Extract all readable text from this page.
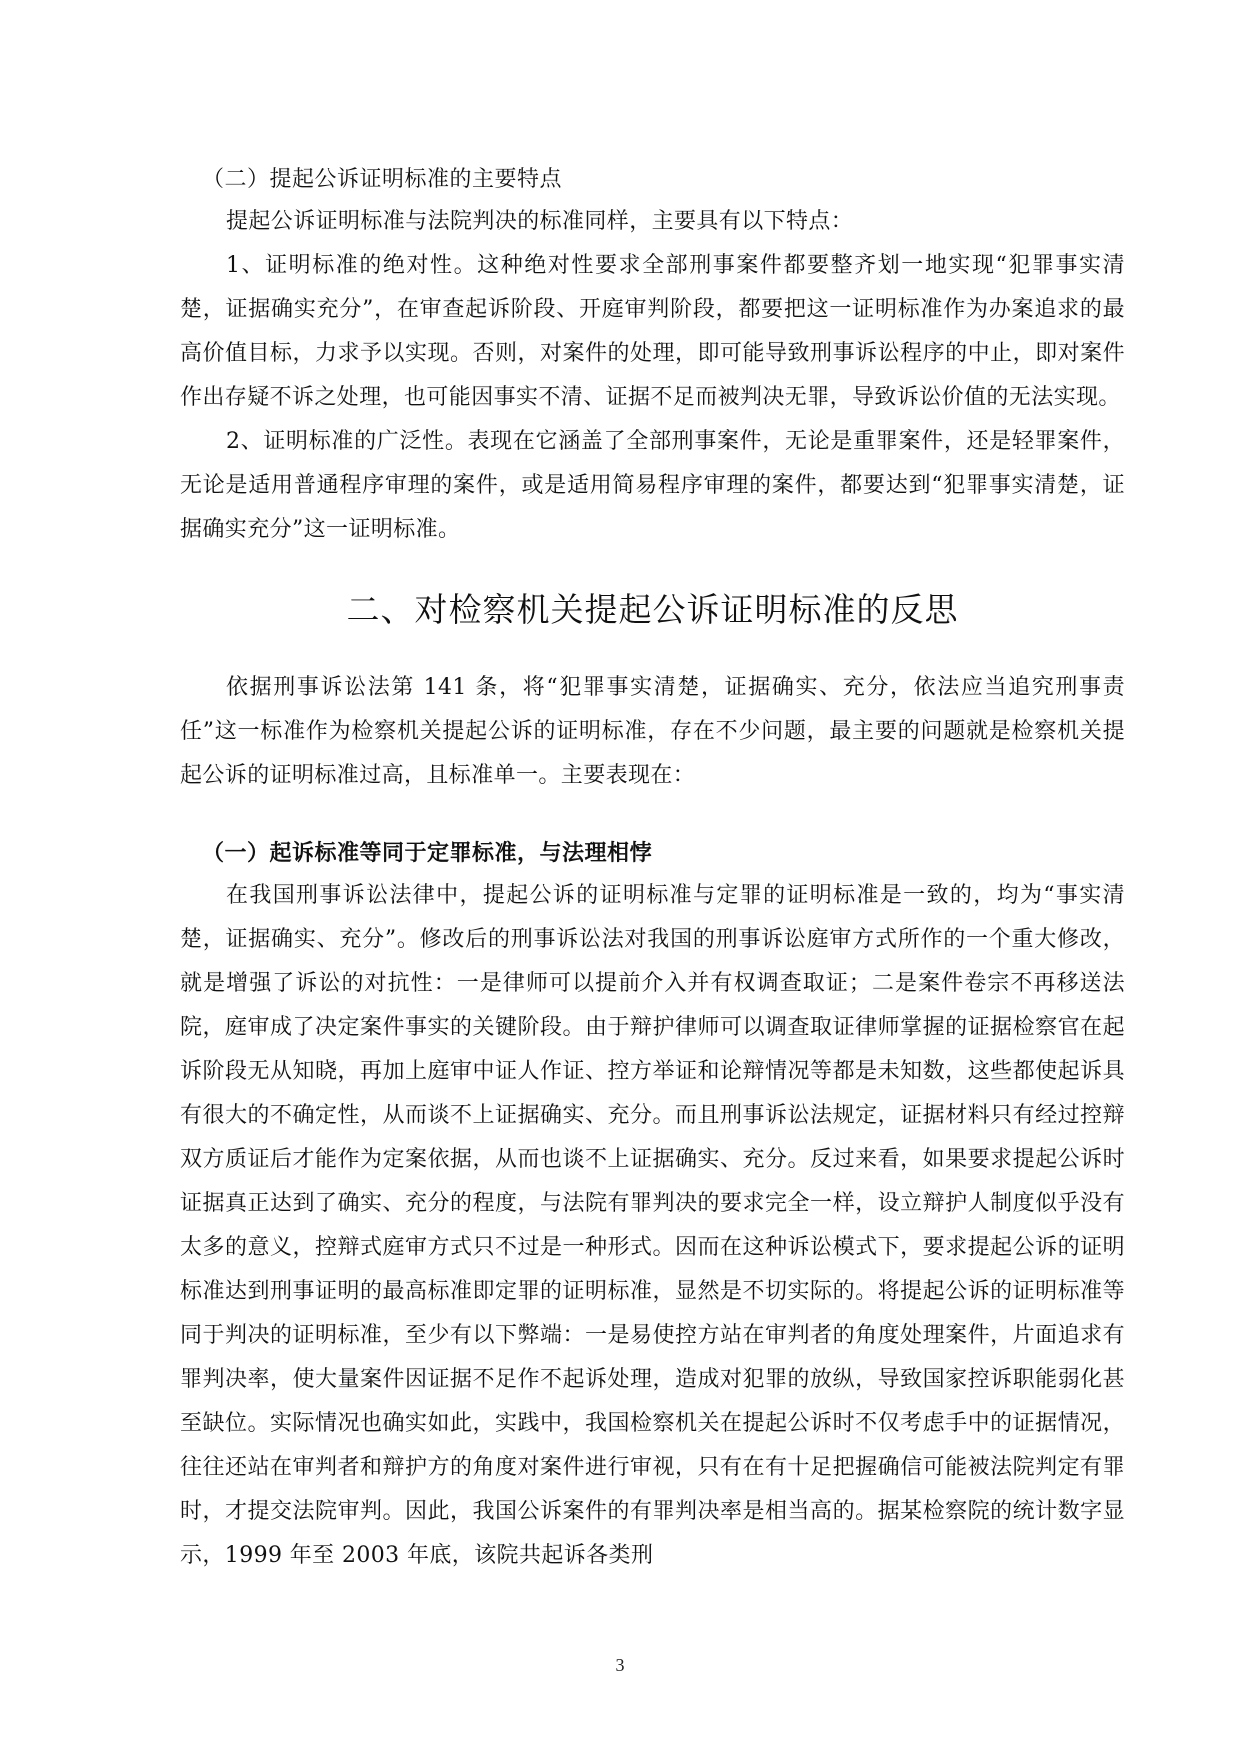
（二）提起公诉证明标准的主要特点

提起公诉证明标准与法院判决的标准同样，主要具有以下特点：

1、证明标准的绝对性。这种绝对性要求全部刑事案件都要整齐划一地实现“犯罪事实清楚，证据确实充分”，在审查起诉阶段、开庭审判阶段，都要把这一证明标准作为办案追求的最高价值目标，力求予以实现。否则，对案件的处理，即可能导致刑事诉讼程序的中止，即对案件作出存疑不诉之处理，也可能因事实不清、证据不足而被判决无罪，导致诉讼价值的无法实现。

2、证明标准的广泛性。表现在它涵盖了全部刑事案件，无论是重罪案件，还是轻罪案件，无论是适用普通程序审理的案件，或是适用简易程序审理的案件，都要达到“犯罪事实清楚，证据确实充分”这一证明标准。

二、对检察机关提起公诉证明标准的反思

依据刑事诉讼法第 141 条，将“犯罪事实清楚，证据确实、充分，依法应当追究刑事责任”这一标准作为检察机关提起公诉的证明标准，存在不少问题，最主要的问题就是检察机关提起公诉的证明标准过高，且标准单一。主要表现在：

（一）起诉标准等同于定罪标准，与法理相悖

在我国刑事诉讼法律中，提起公诉的证明标准与定罪的证明标准是一致的，均为“事实清楚，证据确实、充分”。修改后的刑事诉讼法对我国的刑事诉讼庭审方式所作的一个重大修改，就是增强了诉讼的对抗性：一是律师可以提前介入并有权调查取证；二是案件卷宗不再移送法院，庭审成了决定案件事实的关键阶段。由于辩护律师可以调查取证律师掌握的证据检察官在起诉阶段无从知晓，再加上庭审中证人作证、控方举证和论辩情况等都是未知数，这些都使起诉具有很大的不确定性，从而谈不上证据确实、充分。而且刑事诉讼法规定，证据材料只有经过控辩双方质证后才能作为定案依据，从而也谈不上证据确实、充分。反过来看，如果要求提起公诉时证据真正达到了确实、充分的程度，与法院有罪判决的要求完全一样，设立辩护人制度似乎没有太多的意义，控辩式庭审方式只不过是一种形式。因而在这种诉讼模式下，要求提起公诉的证明标准达到刑事证明的最高标准即定罪的证明标准，显然是不切实际的。将提起公诉的证明标准等同于判决的证明标准，至少有以下弊端：一是易使控方站在审判者的角度处理案件，片面追求有罪判决率，使大量案件因证据不足作不起诉处理，造成对犯罪的放纵，导致国家控诉职能弱化甚至缺位。实际情况也确实如此，实践中，我国检察机关在提起公诉时不仅考虑手中的证据情况，往往还站在审判者和辩护方的角度对案件进行审视，只有在有十足把握确信可能被法院判定有罪时，才提交法院审判。因此，我国公诉案件的有罪判决率是相当高的。据某检察院的统计数字显示，1999 年至 2003 年底，该院共起诉各类刑

3
